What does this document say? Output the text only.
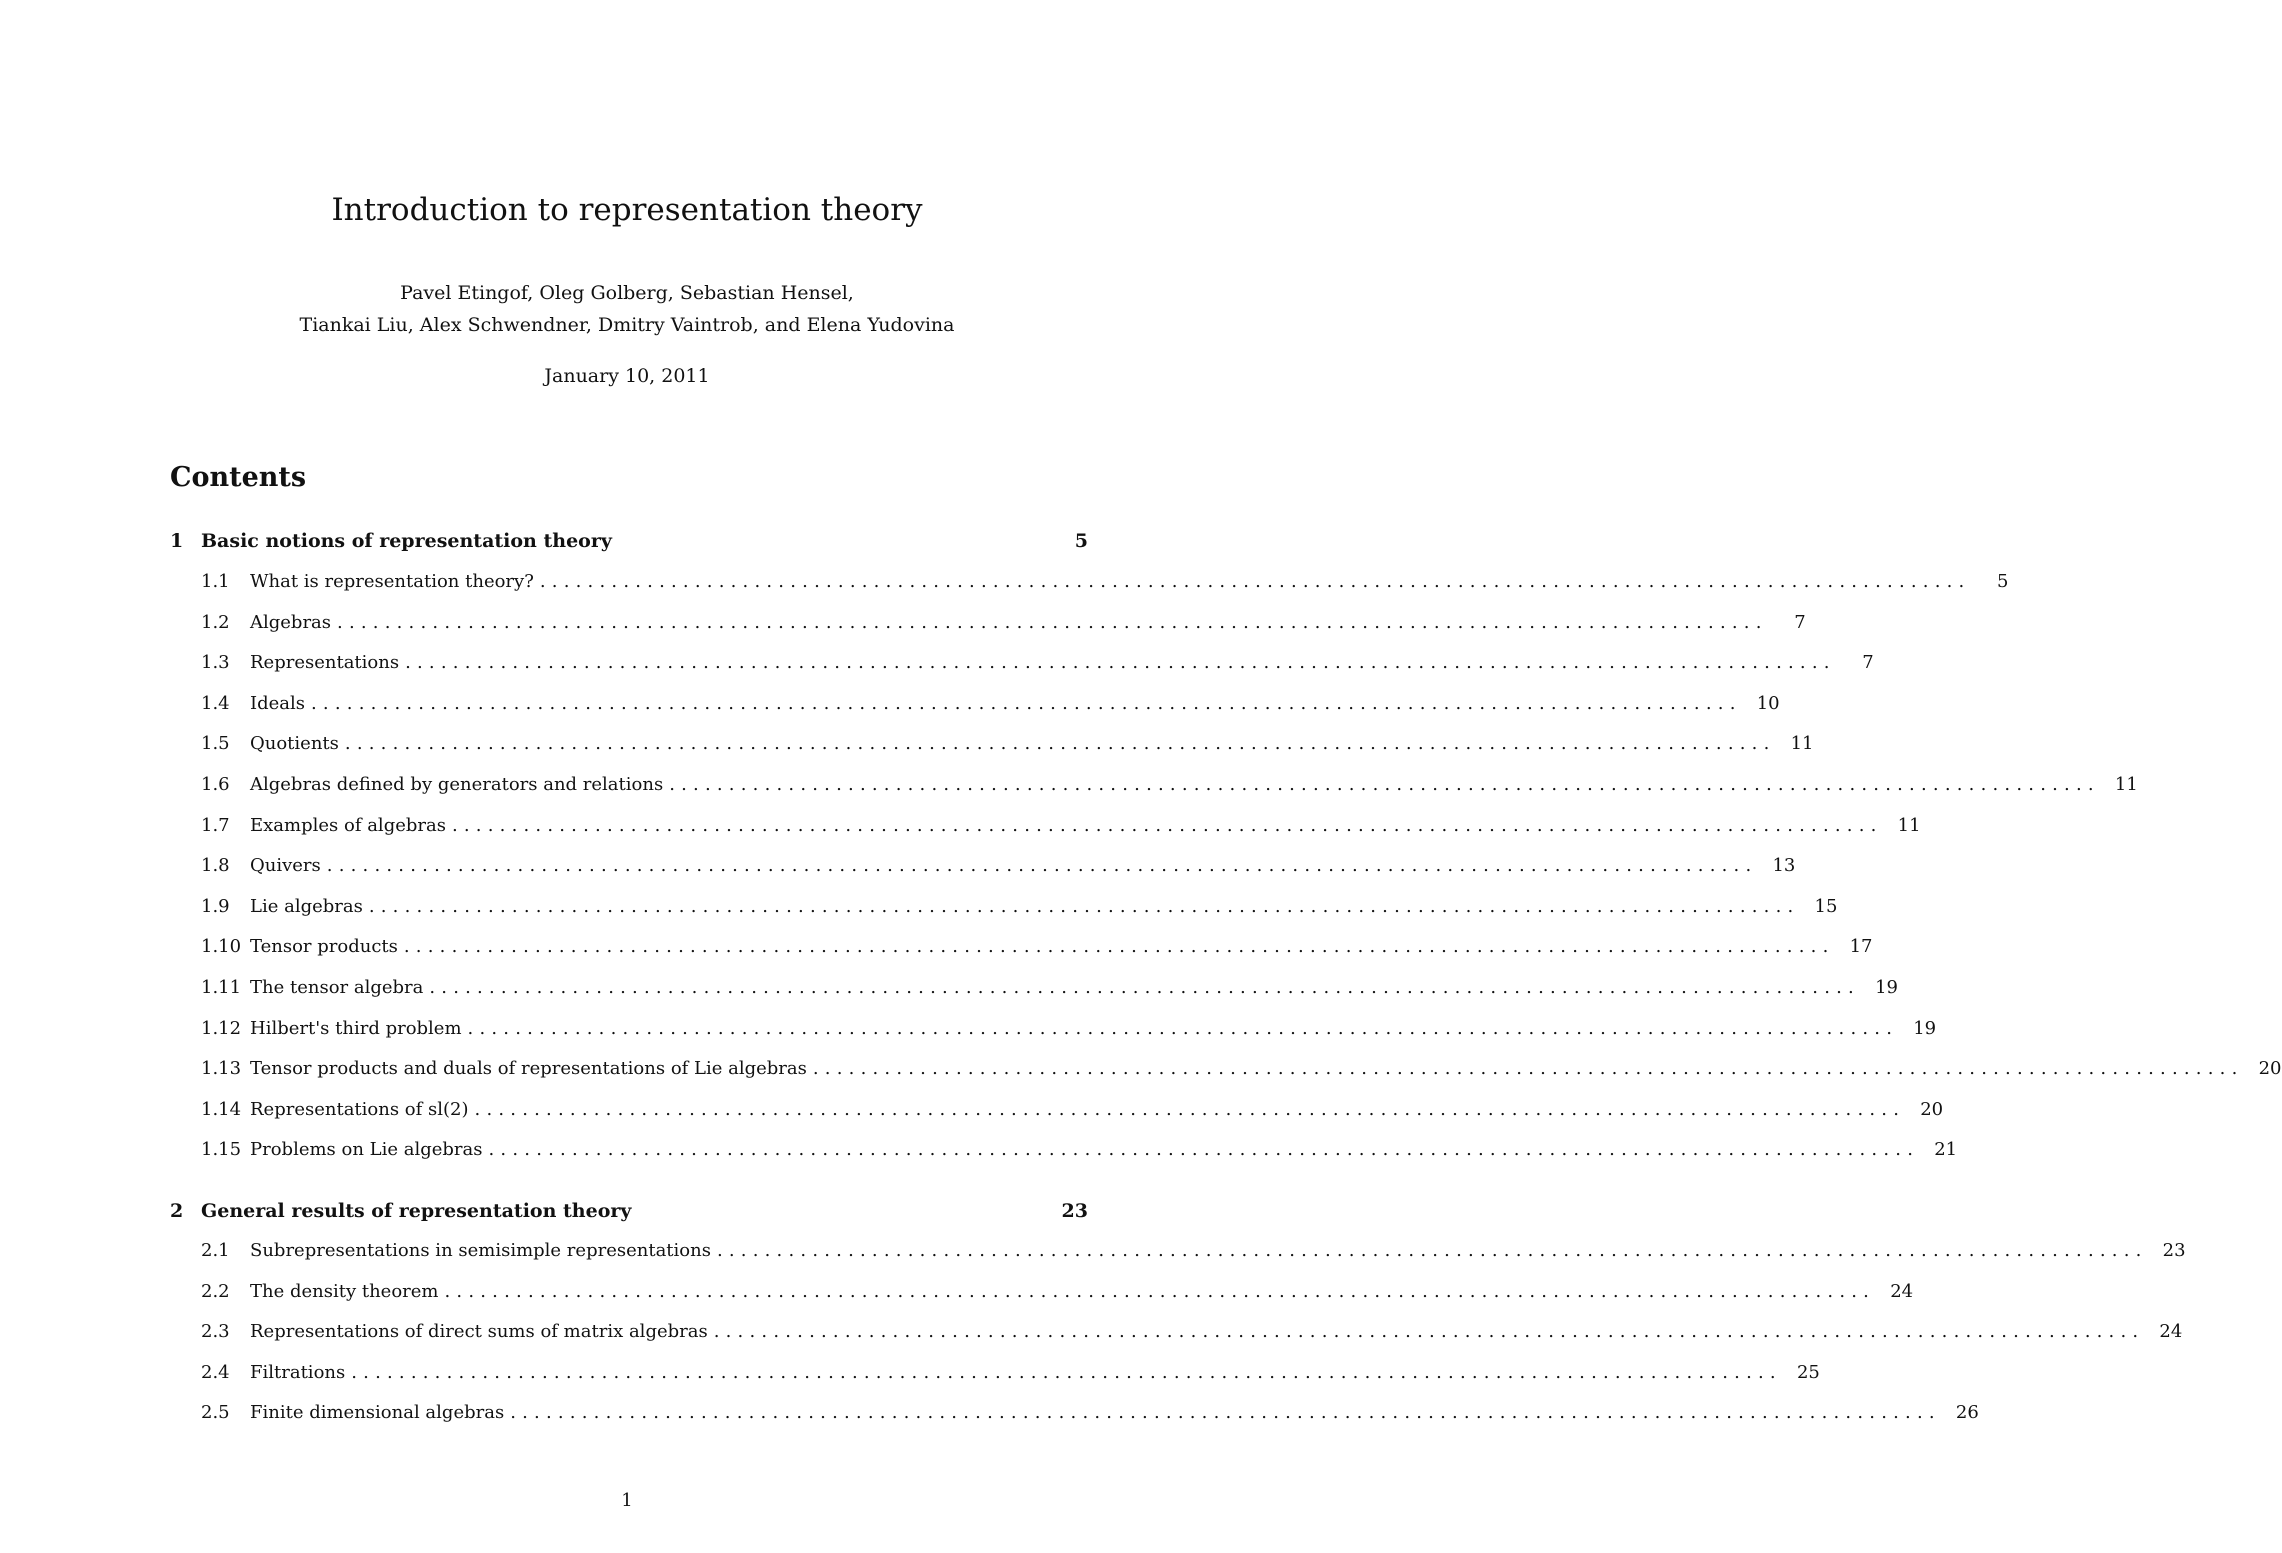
Introduction to representation theory
Pavel Etingof, Oleg Golberg, Sebastian Hensel,
Tiankai Liu, Alex Schwendner, Dmitry Vaintrob, and Elena Yudovina
January 10, 2011
Contents
1 Basic notions of representation theory	5
1.1	What is representation theory? ........................................................................................................................	5
1.2	Algebras ........................................................................................................................	7
1.3	Representations ........................................................................................................................	7
1.4	Ideals ........................................................................................................................ 10
1.5	Quotients ........................................................................................................................ 11
1.6	Algebras defined by generators and relations ........................................................................................................................ 11
1.7	Examples of algebras ........................................................................................................................ 11
1.8	Quivers ........................................................................................................................ 13
1.9	Lie algebras ........................................................................................................................ 15
1.10 Tensor products ........................................................................................................................ 17
1.11 The tensor algebra ........................................................................................................................ 19
1.12 Hilbert's third problem ........................................................................................................................ 19
1.13 Tensor products and duals of representations of Lie algebras ........................................................................................................................ 20
1.14 Representations of sl(2) ........................................................................................................................ 20
1.15 Problems on Lie algebras ........................................................................................................................ 21
2 General results of representation theory	23
2.1	Subrepresentations in semisimple representations ........................................................................................................................ 23
2.2	The density theorem ........................................................................................................................ 24
2.3	Representations of direct sums of matrix algebras ........................................................................................................................ 24
2.4	Filtrations ........................................................................................................................ 25
2.5	Finite dimensional algebras ........................................................................................................................ 26
1
